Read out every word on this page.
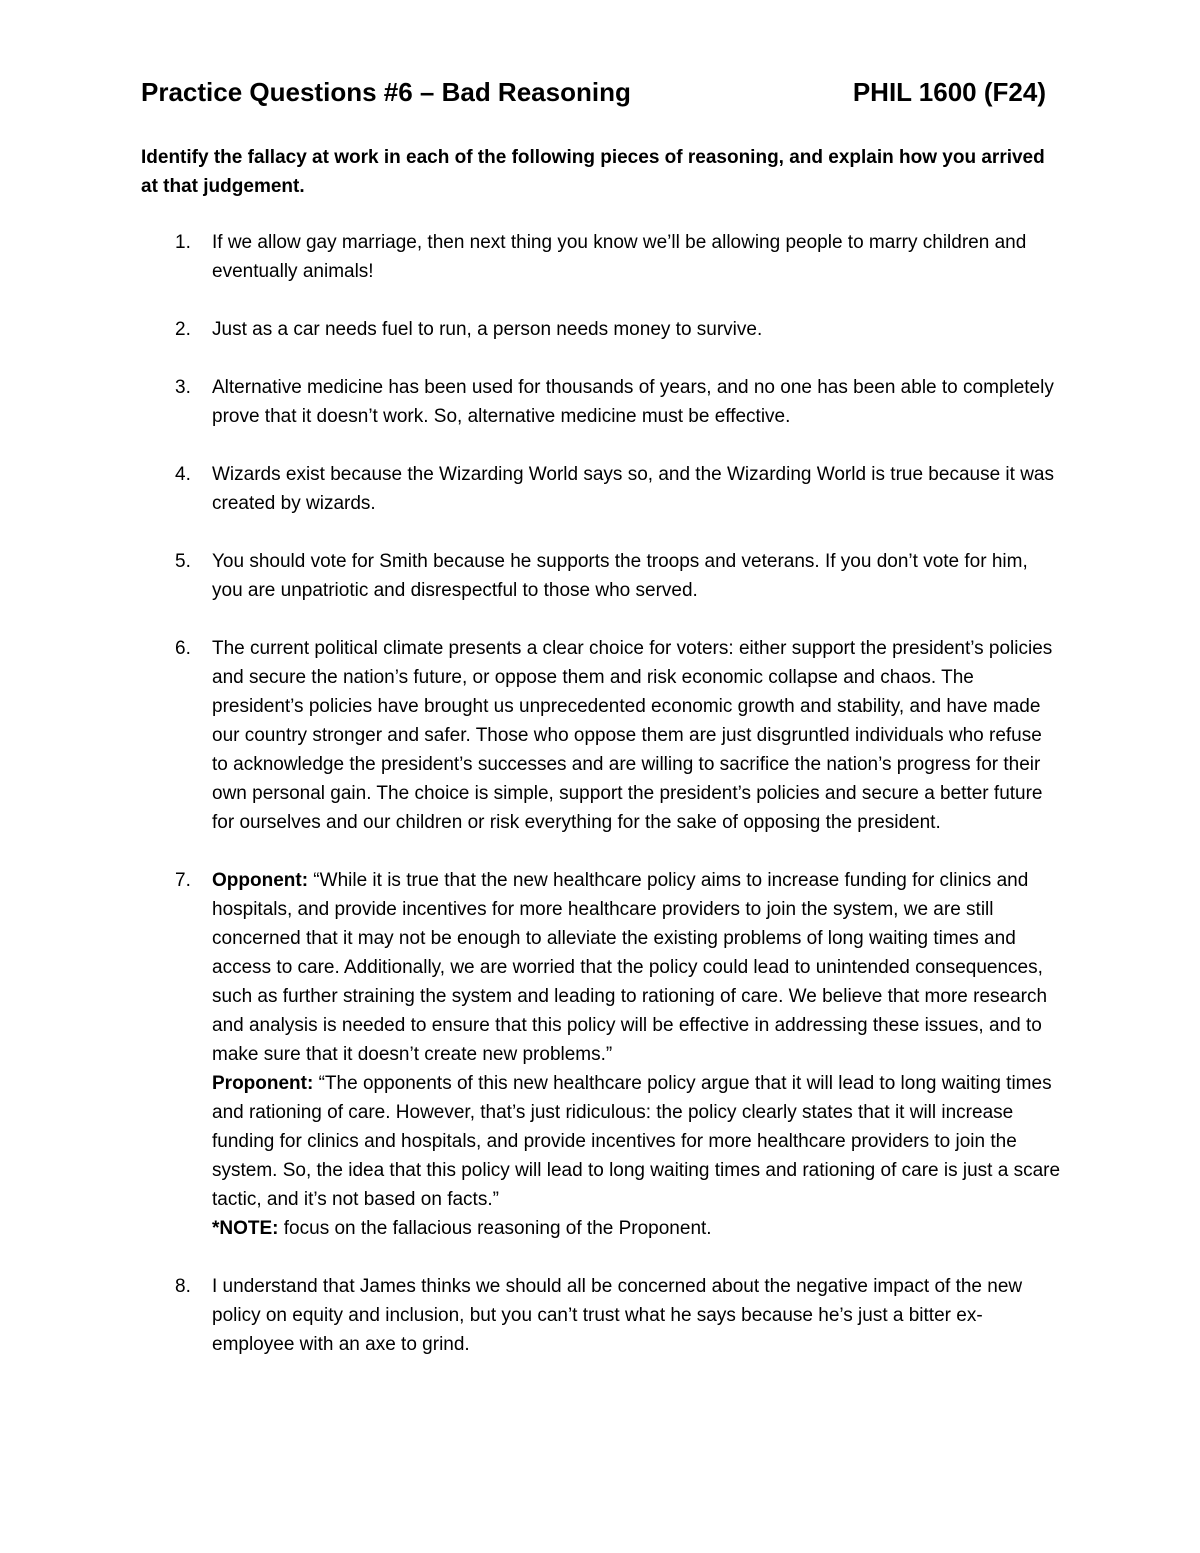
Practice Questions #6 – Bad Reasoning	PHIL 1600 (F24)

Identify the fallacy at work in each of the following pieces of reasoning, and explain how you arrived at that judgement.

1.	If we allow gay marriage, then next thing you know we’ll be allowing people to marry children and eventually animals!
2.	Just as a car needs fuel to run, a person needs money to survive.
3.	Alternative medicine has been used for thousands of years, and no one has been able to completely prove that it doesn’t work. So, alternative medicine must be effective.
4.	Wizards exist because the Wizarding World says so, and the Wizarding World is true because it was created by wizards.
5.	You should vote for Smith because he supports the troops and veterans. If you don’t vote for him, you are unpatriotic and disrespectful to those who served.
6.	The current political climate presents a clear choice for voters: either support the president’s policies and secure the nation’s future, or oppose them and risk economic collapse and chaos. The president’s policies have brought us unprecedented economic growth and stability, and have made our country stronger and safer. Those who oppose them are just disgruntled individuals who refuse to acknowledge the president’s successes and are willing to sacrifice the nation’s progress for their own personal gain. The choice is simple, support the president’s policies and secure a better future for ourselves and our children or risk everything for the sake of opposing the president.
7.	Opponent: “While it is true that the new healthcare policy aims to increase funding for clinics and hospitals, and provide incentives for more healthcare providers to join the system, we are still concerned that it may not be enough to alleviate the existing problems of long waiting times and access to care. Additionally, we are worried that the policy could lead to unintended consequences, such as further straining the system and leading to rationing of care. We believe that more research and analysis is needed to ensure that this policy will be effective in addressing these issues, and to make sure that it doesn’t create new problems.”
Proponent: “The opponents of this new healthcare policy argue that it will lead to long waiting times and rationing of care. However, that’s just ridiculous: the policy clearly states that it will increase funding for clinics and hospitals, and provide incentives for more healthcare providers to join the system. So, the idea that this policy will lead to long waiting times and rationing of care is just a scare tactic, and it’s not based on facts.”
*NOTE: focus on the fallacious reasoning of the Proponent.
8.	I understand that James thinks we should all be concerned about the negative impact of the new policy on equity and inclusion, but you can’t trust what he says because he’s just a bitter ex-employee with an axe to grind.
